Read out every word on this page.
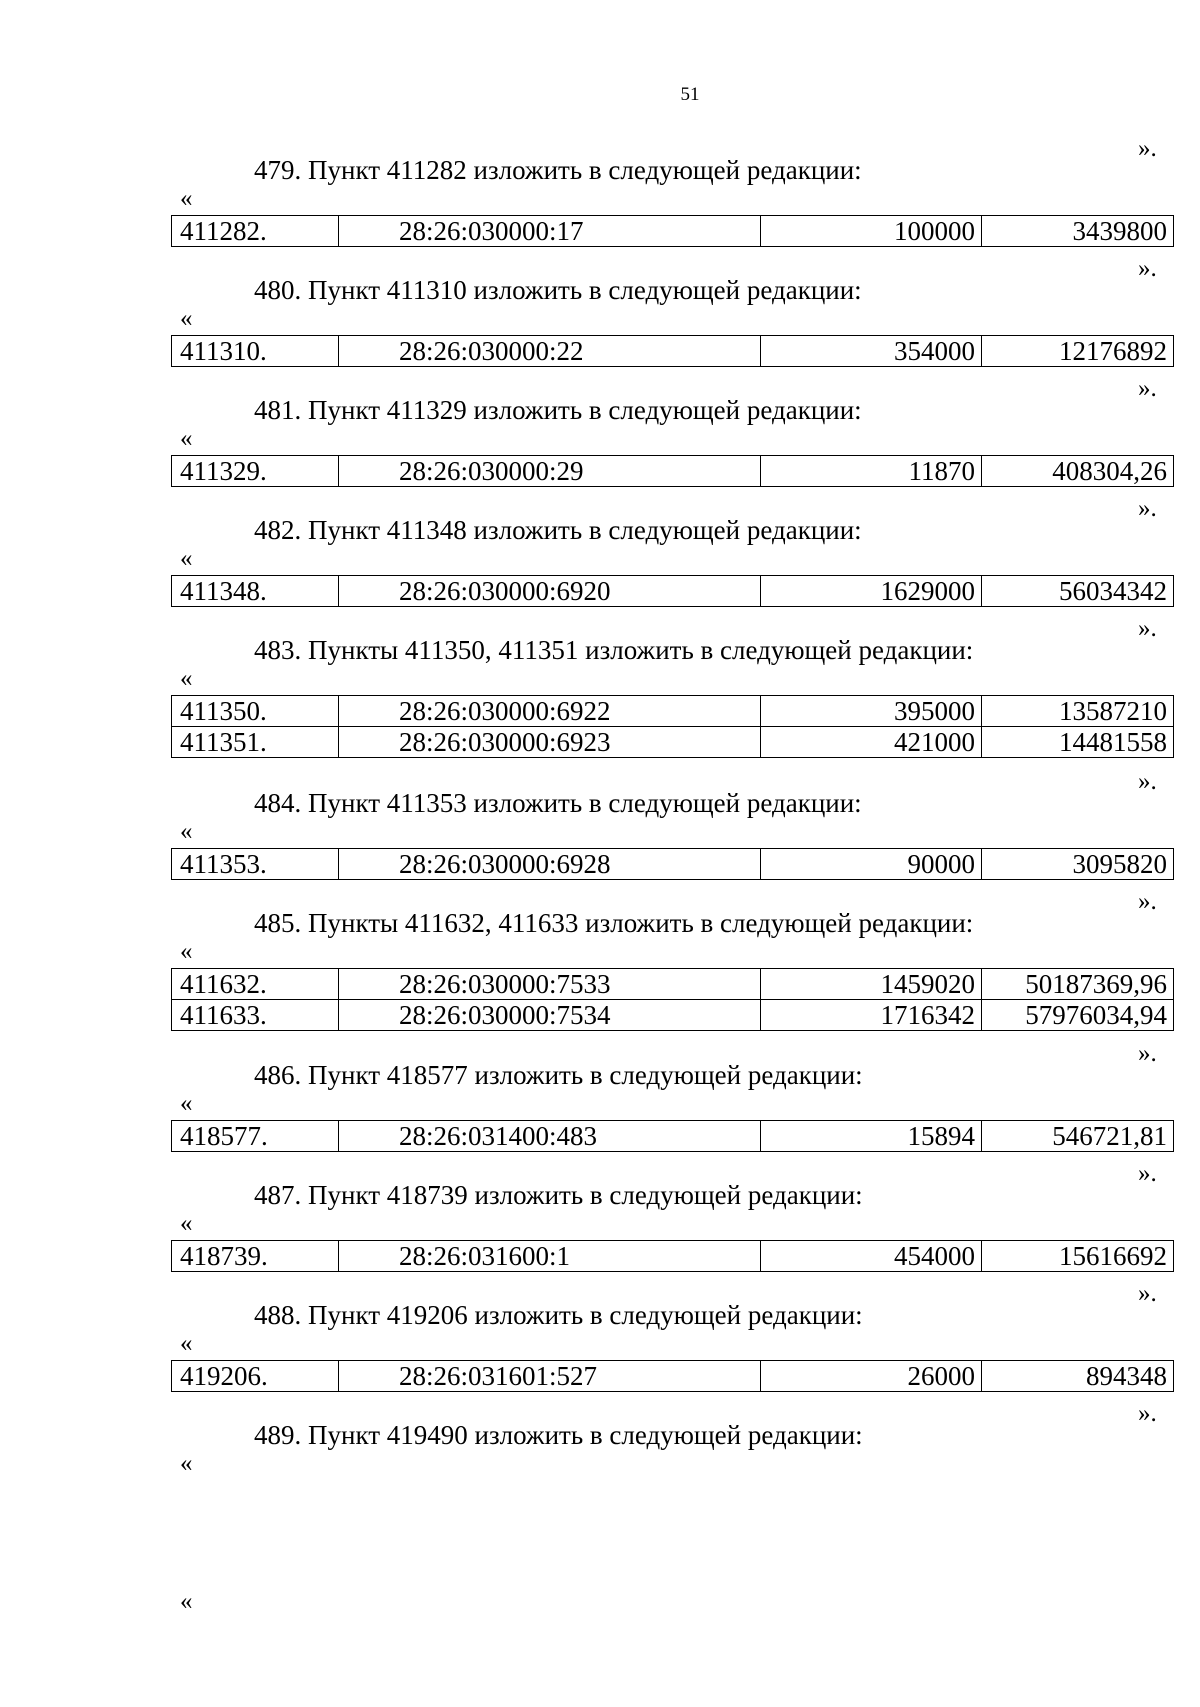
51
».
479. Пункт 411282 изложить в следующей редакции:
«
411282.	28:26:030000:17	100000	3439800
».
480. Пункт 411310 изложить в следующей редакции:
«
411310.	28:26:030000:22	354000	12176892
».
481. Пункт 411329 изложить в следующей редакции:
«
411329.	28:26:030000:29	11870	408304,26
».
482. Пункт 411348 изложить в следующей редакции:
«
411348.	28:26:030000:6920	1629000	56034342
».
483. Пункты 411350, 411351 изложить в следующей редакции:
«
411350.	28:26:030000:6922	395000	13587210
411351.	28:26:030000:6923	421000	14481558
».
484. Пункт 411353 изложить в следующей редакции:
«
411353.	28:26:030000:6928	90000	3095820
».
485. Пункты 411632, 411633 изложить в следующей редакции:
«
411632.	28:26:030000:7533	1459020	50187369,96
411633.	28:26:030000:7534	1716342	57976034,94
».
486. Пункт 418577 изложить в следующей редакции:
«
418577.	28:26:031400:483	15894	546721,81
».
487. Пункт 418739 изложить в следующей редакции:
«
418739.	28:26:031600:1	454000	15616692
».
488. Пункт 419206 изложить в следующей редакции:
«
419206.	28:26:031601:527	26000	894348
».
489. Пункт 419490 изложить в следующей редакции:
«
«
